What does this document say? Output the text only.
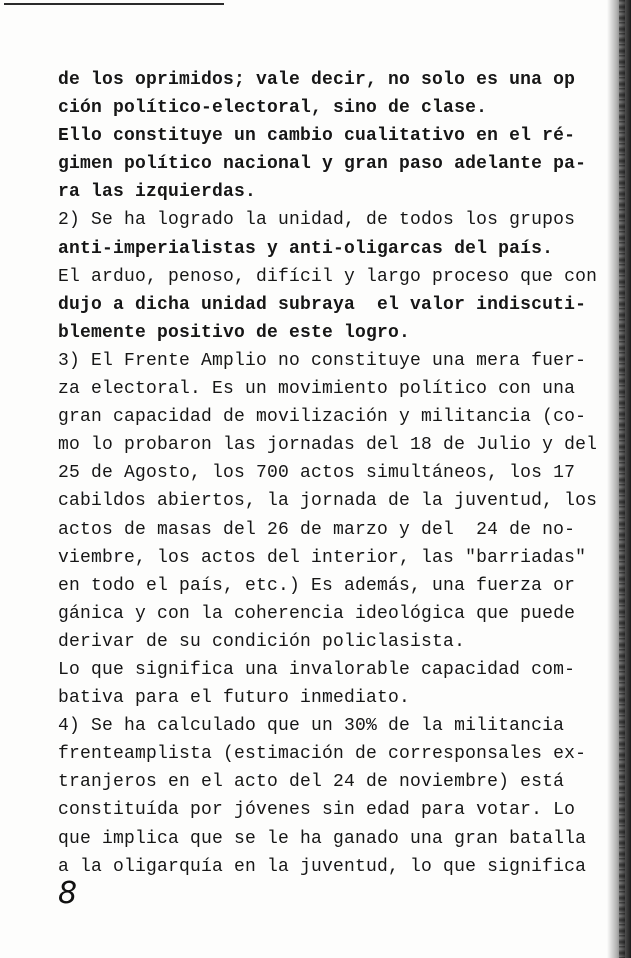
de los oprimidos; vale decir, no solo es una op
ción político-electoral, sino de clase.
Ello constituye un cambio cualitativo en el ré-
gimen político nacional y gran paso adelante pa-
ra las izquierdas.
2) Se ha logrado la unidad, de todos los grupos
anti-imperialistas y anti-oligarcas del país.
El arduo, penoso, difícil y largo proceso que con
dujo a dicha unidad subraya  el valor indiscuti-
blemente positivo de este logro.
3) El Frente Amplio no constituye una mera fuer-
za electoral. Es un movimiento político con una
gran capacidad de movilización y militancia (co-
mo lo probaron las jornadas del 18 de Julio y del
25 de Agosto, los 700 actos simultáneos, los 17
cabildos abiertos, la jornada de la juventud, los
actos de masas del 26 de marzo y del  24 de no-
viembre, los actos del interior, las "barriadas"
en todo el país, etc.) Es además, una fuerza or
gánica y con la coherencia ideológica que puede
derivar de su condición policlasista.
Lo que significa una invalorable capacidad com-
bativa para el futuro inmediato.
4) Se ha calculado que un 30% de la militancia
frenteamplista (estimación de corresponsales ex-
tranjeros en el acto del 24 de noviembre) está
constituída por jóvenes sin edad para votar. Lo
que implica que se le ha ganado una gran batalla
a la oligarquía en la juventud, lo que significa
8
